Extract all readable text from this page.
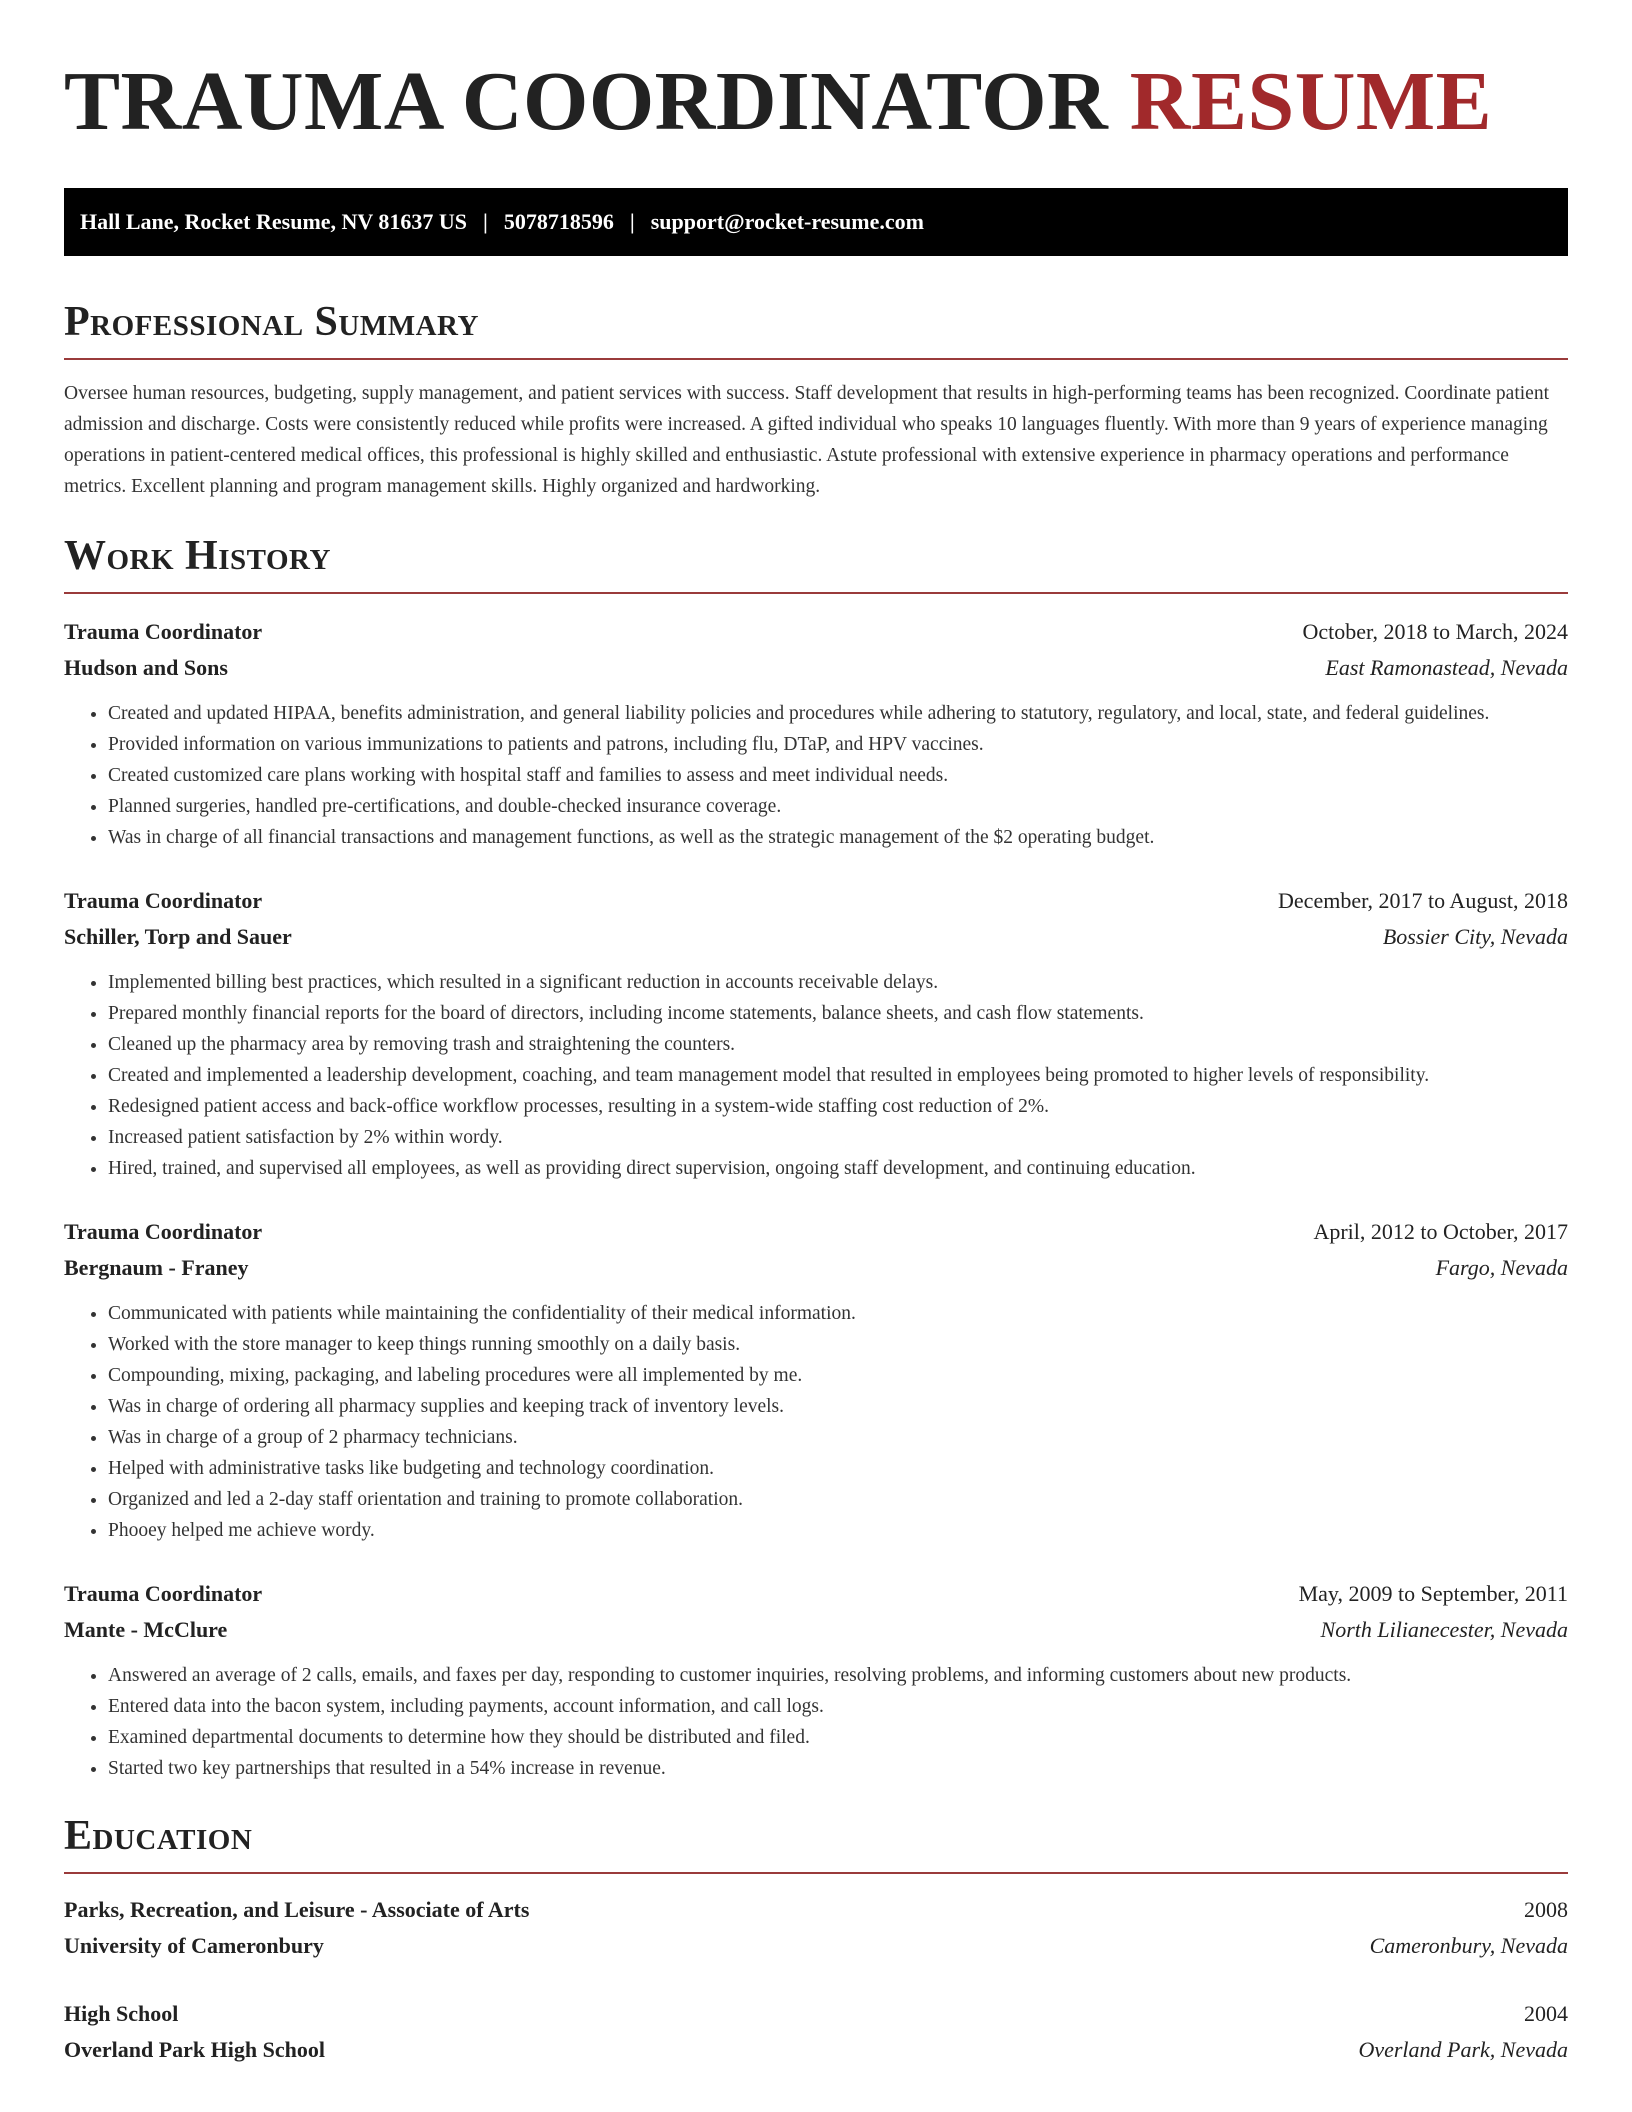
TRAUMA COORDINATOR RESUME
Hall Lane, Rocket Resume, NV 81637 US | 5078718596 | support@rocket-resume.com
Professional Summary

Oversee human resources, budgeting, supply management, and patient services with success. Staff development that results in high-performing teams has been recognized. Coordinate patient admission and discharge. Costs were consistently reduced while profits were increased. A gifted individual who speaks 10 languages fluently. With more than 9 years of experience managing operations in patient-centered medical offices, this professional is highly skilled and enthusiastic. Astute professional with extensive experience in pharmacy operations and performance metrics. Excellent planning and program management skills. Highly organized and hardworking.

Work History
Trauma Coordinator	October, 2018 to March, 2024
Hudson and Sons	East Ramonastead, Nevada
• Created and updated HIPAA, benefits administration, and general liability policies and procedures while adhering to statutory, regulatory, and local, state, and federal guidelines.
• Provided information on various immunizations to patients and patrons, including flu, DTaP, and HPV vaccines.
• Created customized care plans working with hospital staff and families to assess and meet individual needs.
• Planned surgeries, handled pre-certifications, and double-checked insurance coverage.
• Was in charge of all financial transactions and management functions, as well as the strategic management of the $2 operating budget.
Trauma Coordinator	December, 2017 to August, 2018
Schiller, Torp and Sauer	Bossier City, Nevada
• Implemented billing best practices, which resulted in a significant reduction in accounts receivable delays.
• Prepared monthly financial reports for the board of directors, including income statements, balance sheets, and cash flow statements.
• Cleaned up the pharmacy area by removing trash and straightening the counters.
• Created and implemented a leadership development, coaching, and team management model that resulted in employees being promoted to higher levels of responsibility.
• Redesigned patient access and back-office workflow processes, resulting in a system-wide staffing cost reduction of 2%.
• Increased patient satisfaction by 2% within wordy.
• Hired, trained, and supervised all employees, as well as providing direct supervision, ongoing staff development, and continuing education.
Trauma Coordinator	April, 2012 to October, 2017
Bergnaum - Franey	Fargo, Nevada
• Communicated with patients while maintaining the confidentiality of their medical information.
• Worked with the store manager to keep things running smoothly on a daily basis.
• Compounding, mixing, packaging, and labeling procedures were all implemented by me.
• Was in charge of ordering all pharmacy supplies and keeping track of inventory levels.
• Was in charge of a group of 2 pharmacy technicians.
• Helped with administrative tasks like budgeting and technology coordination.
• Organized and led a 2-day staff orientation and training to promote collaboration.
• Phooey helped me achieve wordy.
Trauma Coordinator	May, 2009 to September, 2011
Mante - McClure	North Lilianecester, Nevada
• Answered an average of 2 calls, emails, and faxes per day, responding to customer inquiries, resolving problems, and informing customers about new products.
• Entered data into the bacon system, including payments, account information, and call logs.
• Examined departmental documents to determine how they should be distributed and filed.
• Started two key partnerships that resulted in a 54% increase in revenue.
Education
Parks, Recreation, and Leisure - Associate of Arts	2008
University of Cameronbury	Cameronbury, Nevada
High School	2004
Overland Park High School	Overland Park, Nevada
